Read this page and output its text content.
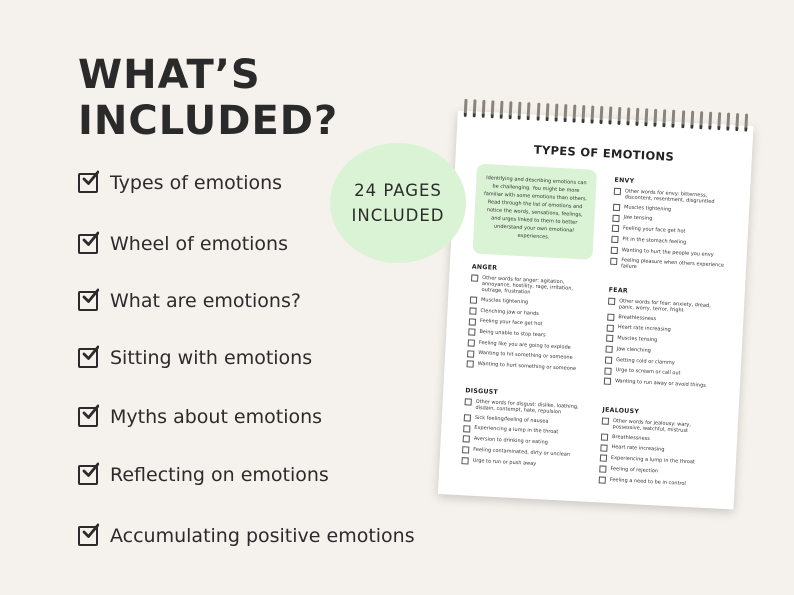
WHAT’S
INCLUDED?
Types of emotions
Wheel of emotions
What are emotions?
Sitting with emotions
Myths about emotions
Reflecting on emotions
Accumulating positive emotions
24 PAGES
INCLUDED
TYPES OF EMOTIONS
Identifying and describing emotions can be challenging. You might be more familiar with some emotions than others. Read through the list of emotions and notice the words, sensations, feelings, and urges linked to them to better understand your own emotional experiences.
ENVY
Other words for envy: bitterness, discontent, resentment, disgruntled
Muscles tightening
Jaw tensing
Feeling your face get hot
Pit in the stomach feeling
Wanting to hurt the people you envy
Feeling pleasure when others experience failure
ANGER
Other words for anger: agitation, annoyance, hostility, rage, irritation, outrage, frustration
Muscles tightening
Clenching jaw or hands
Feeling your face get hot
Being unable to stop tears
Feeling like you are going to explode
Wanting to hit something or someone
Wanting to hurt something or someone
FEAR
Other words for fear: anxiety, dread, panic, worry, terror, fright
Breathlessness
Heart rate increasing
Muscles tensing
Jaw clenching
Getting cold or clammy
Urge to scream or call out
Wanting to run away or avoid things
DISGUST
Other words for disgust: dislike, loathing, disdain, contempt, hate, repulsion
Sick feeling/feeling of nausea
Experiencing a lump in the throat
Aversion to drinking or eating
Feeling contaminated, dirty or unclean
Urge to run or push away
JEALOUSY
Other words for jealousy: wary, possessive, watchful, mistrust
Breathlessness
Heart rate increasing
Experiencing a lump in the throat
Feeling of rejection
Feeling a need to be in control
